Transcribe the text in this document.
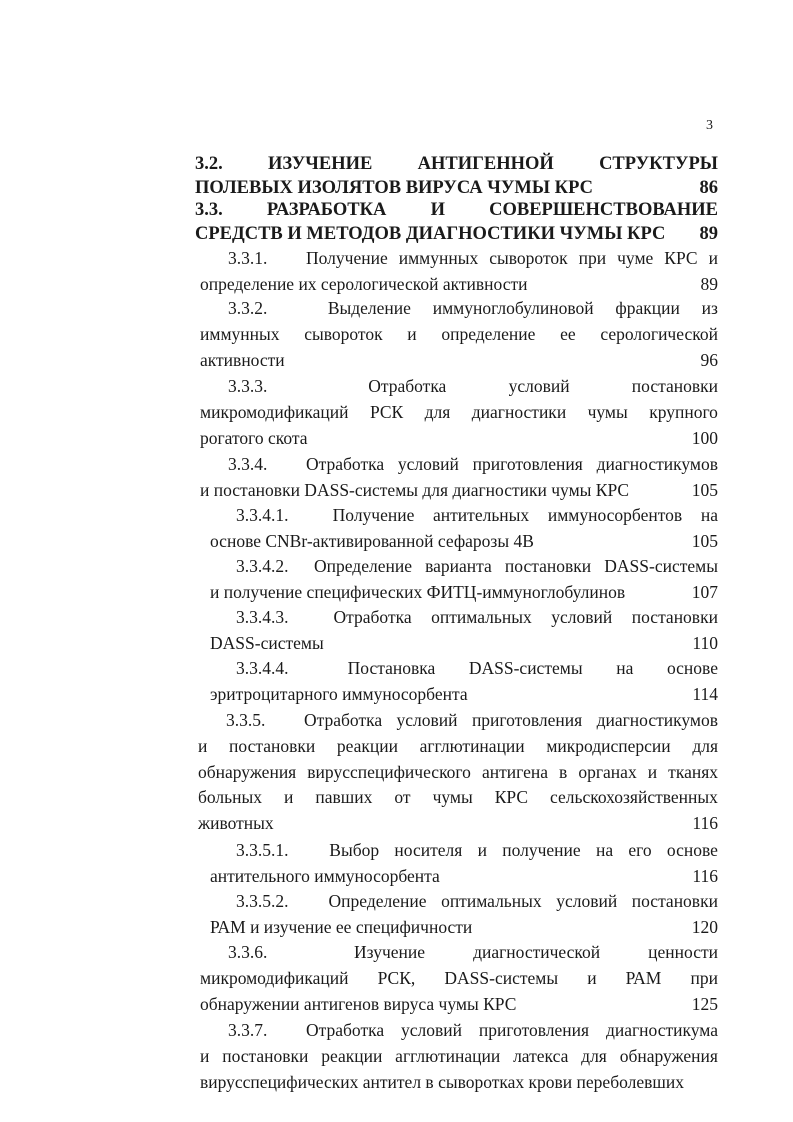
3
3.2. ИЗУЧЕНИЕ АНТИГЕННОЙ СТРУКТУРЫ
ПОЛЕВЫХ ИЗОЛЯТОВ ВИРУСА ЧУМЫ КРС	86
3.3. РАЗРАБОТКА И СОВЕРШЕНСТВОВАНИЕ
СРЕДСТВ И МЕТОДОВ ДИАГНОСТИКИ ЧУМЫ КРС 89
3.3.1.	Получение иммунных сывороток при чуме КРС и
определение их серологической активности	89
3.3.2.	Выделение иммуноглобулиновой фракции из
иммунных сывороток и определение ее серологической
активности	96
3.3.3.	Отработка	условий	постановки
микромодификаций РСК для диагностики чумы крупного
рогатого скота	100
3.3.4.	Отработка условий приготовления диагностикумов
и постановки DASS-системы для диагностики чумы КРС	105
3.3.4.1.	Получение антительных иммуносорбентов на
основе CNBr-активированной сефарозы 4В	105
3.3.4.2.	Определение варианта постановки DASS-системы
и получение специфических ФИТЦ-иммуноглобулинов	107
3.3.4.3.	Отработка оптимальных условий постановки
DASS-системы	110
3.3.4.4.	Постановка DASS-системы на основе
эритроцитарного иммуносорбента	114
3.3.5.	Отработка условий приготовления диагностикумов
и постановки реакции агглютинации микродисперсии для
обнаружения вирусспецифического антигена в органах и тканях
больных и павших от чумы КРС сельскохозяйственных
животных	116
3.3.5.1.	Выбор носителя и получение на его основе
антительного иммуносорбента	116
3.3.5.2.	Определение оптимальных условий постановки
РАМ и изучение ее специфичности	120
3.3.6.	Изучение	диагностической	ценности
микромодификаций РСК, DASS-системы и РАМ при
обнаружении антигенов вируса чумы КРС	125
3.3.7.	Отработка условий приготовления диагностикума
и постановки реакции агглютинации латекса для обнаружения
вирусспецифических антител в сыворотках крови переболевших
